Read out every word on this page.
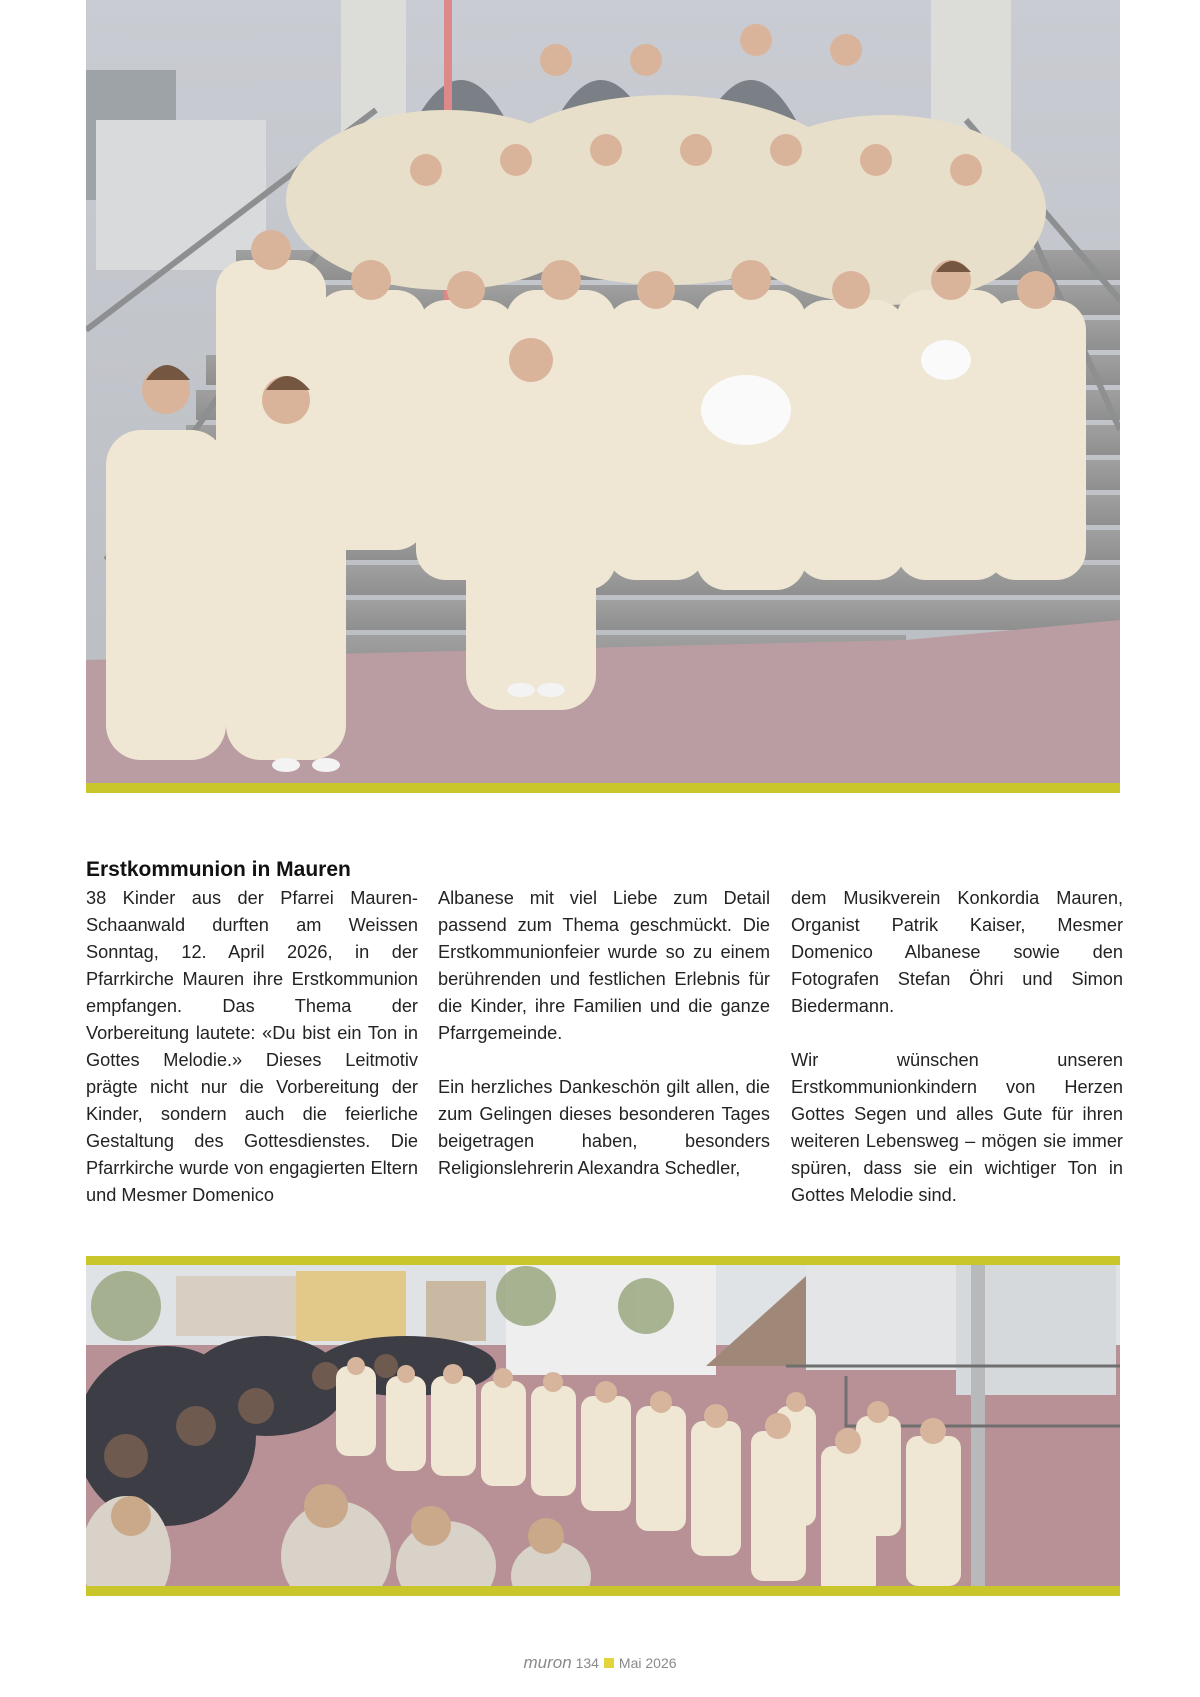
Erstkommunion in Mauren

38 Kinder aus der Pfarrei Mauren-Schaanwald durften am Weissen Sonntag, 12. April 2026, in der Pfarrkirche Mauren ihre Erstkommunion empfangen. Das Thema der Vorbereitung lautete: «Du bist ein Ton in Gottes Melodie.» Dieses Leitmotiv prägte nicht nur die Vorbereitung der Kinder, sondern auch die feierliche Gestaltung des Gottesdienstes. Die Pfarrkirche wurde von engagierten Eltern und Mesmer Domenico

Albanese mit viel Liebe zum Detail passend zum Thema geschmückt. Die Erstkommunionfeier wurde so zu einem berührenden und festlichen Erlebnis für die Kinder, ihre Familien und die ganze Pfarrgemeinde.

Ein herzliches Dankeschön gilt allen, die zum Gelingen dieses besonderen Tages beigetragen haben, besonders Religionslehrerin Alexandra Schedler,

dem Musikverein Konkordia Mauren, Organist Patrik Kaiser, Mesmer Domenico Albanese sowie den Fotografen Stefan Öhri und Simon Biedermann.

Wir wünschen unseren Erstkommunionkindern von Herzen Gottes Segen und alles Gute für ihren weiteren Lebensweg – mögen sie immer spüren, dass sie ein wichtiger Ton in Gottes Melodie sind.

muron 134 Mai 2026
